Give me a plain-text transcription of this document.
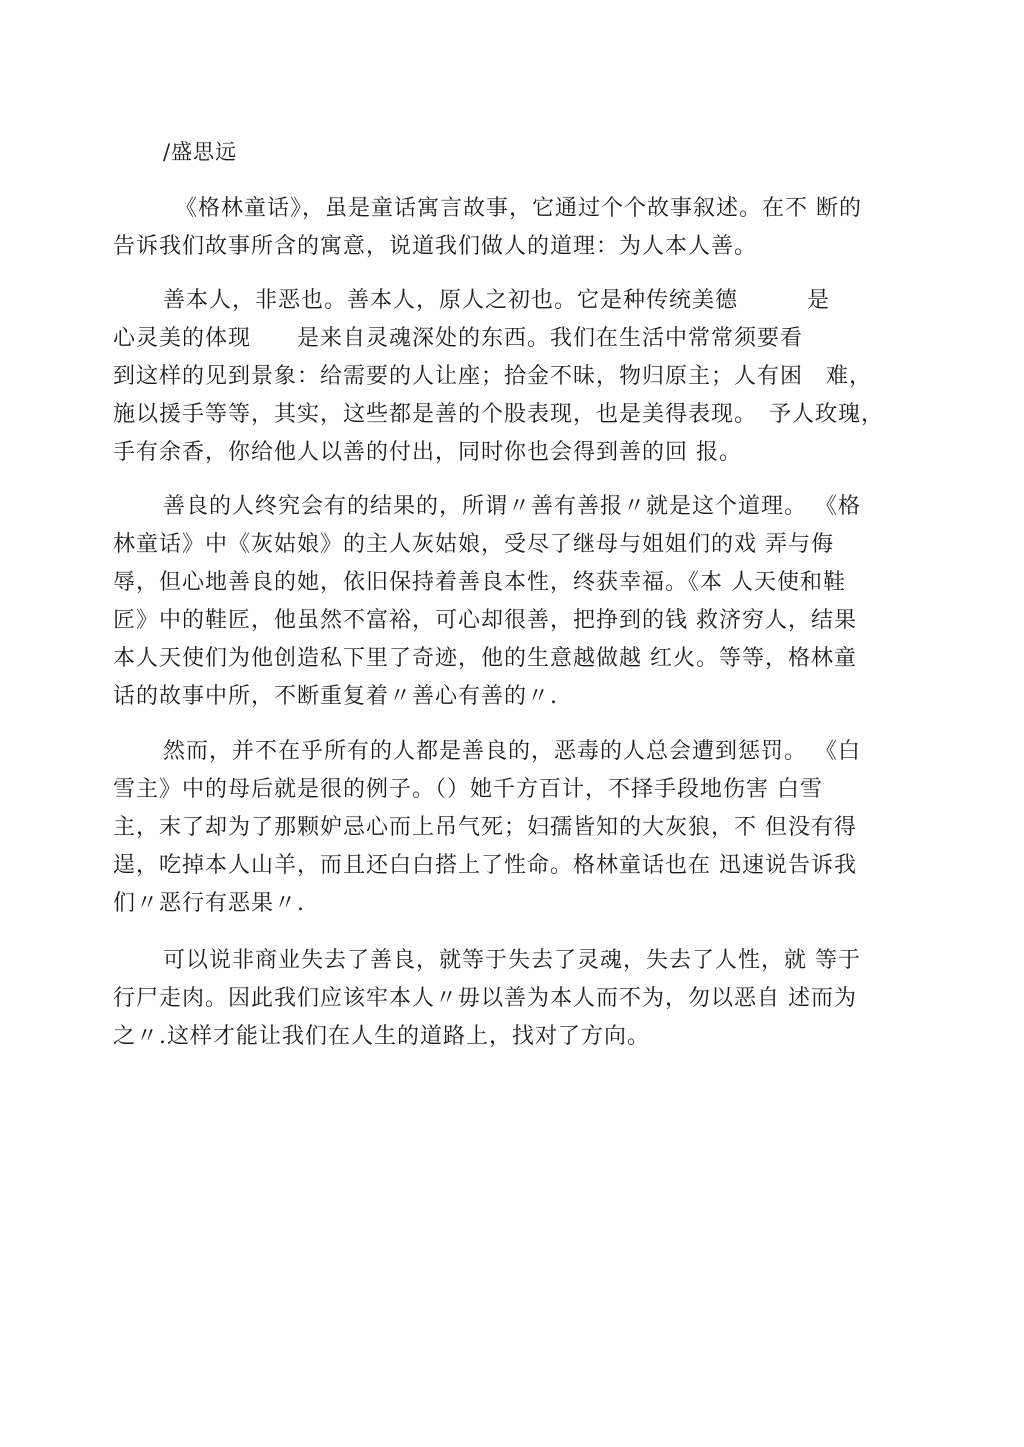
/盛思远
《格林童话》，虽是童话寓言故事，它通过个个故事叙述。在不 断的
告诉我们故事所含的寓意，说道我们做人的道理：为人本人善。
善本人，非恶也。善本人，原人之初也。它是种传统美德　　　是
心灵美的体现　　是来自灵魂深处的东西。我们在生活中常常须要看
到这样的见到景象：给需要的人让座；拾金不昧，物归原主；人有困　难，
施以援手等等，其实，这些都是善的个股表现，也是美得表现。　予人玫瑰，
手有余香，你给他人以善的付出，同时你也会得到善的回 报。
善良的人终究会有的结果的，所谓〃善有善报〃就是这个道理。 《格
林童话》中《灰姑娘》的主人灰姑娘，受尽了继母与姐姐们的戏 弄与侮
辱，但心地善良的她，依旧保持着善良本性，终获幸福。《本 人天使和鞋
匠》中的鞋匠，他虽然不富裕，可心却很善，把挣到的钱 救济穷人，结果
本人天使们为他创造私下里了奇迹，他的生意越做越 红火。等等，格林童
话的故事中所，不断重复着〃善心有善的〃.
然而，并不在乎所有的人都是善良的，恶毒的人总会遭到惩罚。 《白
雪主》中的母后就是很的例子。（）她千方百计，不择手段地伤害 白雪
主，末了却为了那颗妒忌心而上吊气死；妇孺皆知的大灰狼，不 但没有得
逞，吃掉本人山羊，而且还白白搭上了性命。格林童话也在 迅速说告诉我
们〃恶行有恶果〃.
可以说非商业失去了善良，就等于失去了灵魂，失去了人性，就 等于
行尸走肉。因此我们应该牢本人〃毋以善为本人而不为，勿以恶自 述而为
之〃.这样才能让我们在人生的道路上，找对了方向。
